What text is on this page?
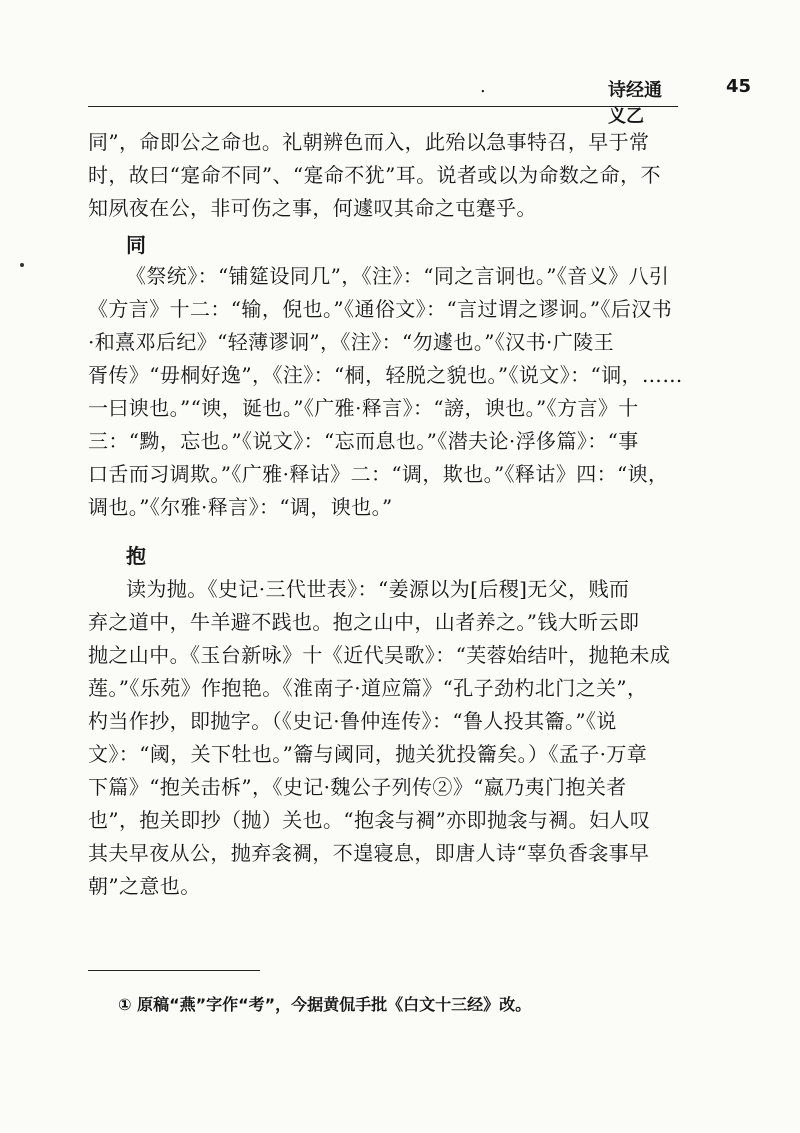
.	诗经通义乙
45
同”，命即公之命也。礼朝辨色而入，此殆以急事特召，早于常
时，故曰“寔命不同”、“寔命不犹”耳。说者或以为命数之命，不
知夙夜在公，非可伤之事，何遽叹其命之屯蹇乎。
同
《祭统》：“铺筵设同几”，《注》：“同之言诇也。”《音义》八引
《方言》十二：“输，倪也。”《通俗文》：“言过谓之谬诇。”《后汉书
·和熹邓后纪》“轻薄谬诇”，《注》：“勿遽也。”《汉书·广陵王
胥传》“毋桐好逸”，《注》：“桐，轻脱之貌也。”《说文》：“诇，……
一曰谀也。”“谀，诞也。”《广雅·释言》：“謗，谀也。”《方言》十
三：“黝，忘也。”《说文》：“忘而息也。”《潜夫论·浮侈篇》：“事
口舌而习调欺。”《广雅·释诂》二：“调，欺也。”《释诂》四：“谀，
调也。”《尔雅·释言》：“调，谀也。”
抱
读为抛。《史记·三代世表》：“姜源以为[后稷]无父，贱而
弃之道中，牛羊避不践也。抱之山中，山者养之。”钱大昕云即
抛之山中。《玉台新咏》十《近代吴歌》：“芙蓉始结叶，抛艳未成
莲。”《乐苑》作抱艳。《淮南子·道应篇》“孔子劲杓北门之关”，
杓当作抄，即抛字。（《史记·鲁仲连传》：“鲁人投其籥。”《说
文》：“阈，关下牡也。”籥与阈同，抛关犹投籥矣。）《孟子·万章
下篇》“抱关击柝”，《史记·魏公子列传②》“嬴乃夷门抱关者
也”，抱关即抄（抛）关也。“抱衾与裯”亦即抛衾与裯。妇人叹
其夫早夜从公，抛弃衾裯，不遑寝息，即唐人诗“辜负香衾事早
朝”之意也。
① 原稿“燕”字作“考”，今据黄侃手批《白文十三经》改。
